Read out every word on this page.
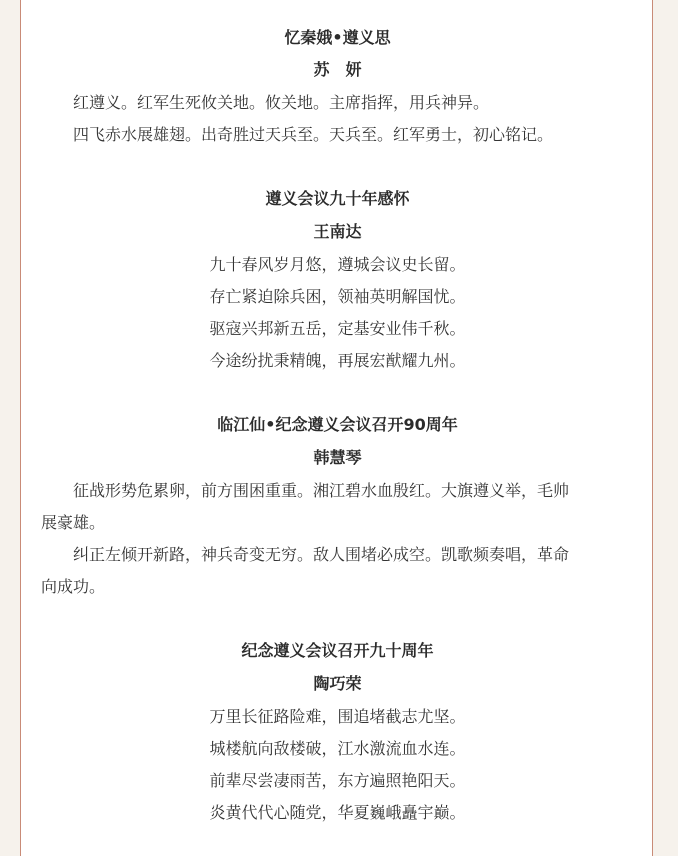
忆秦娥•遵义思
苏　妍
　　红遵义。红军生死攸关地。攸关地。主席指挥，用兵神异。
　　四飞赤水展雄翅。出奇胜过天兵至。天兵至。红军勇士，初心铭记。
遵义会议九十年感怀
王南达
九十春风岁月悠，遵城会议史长留。
存亡紧迫除兵困，领袖英明解国忧。
驱寇兴邦新五岳，定基安业伟千秋。
今途纷扰秉精魄，再展宏猷耀九州。
临江仙•纪念遵义会议召开90周年
韩慧琴
　　征战形势危累卵，前方围困重重。湘江碧水血殷红。大旗遵义举，毛帅
展豪雄。
　　纠正左倾开新路，神兵奇变无穷。敌人围堵必成空。凯歌频奏唱，革命
向成功。
纪念遵义会议召开九十周年
陶巧荣
万里长征路险难，围追堵截志尤坚。
城楼航向敌楼破，江水激流血水连。
前辈尽尝凄雨苦，东方遍照艳阳天。
炎黄代代心随党，华夏巍峨矗宇巅。
